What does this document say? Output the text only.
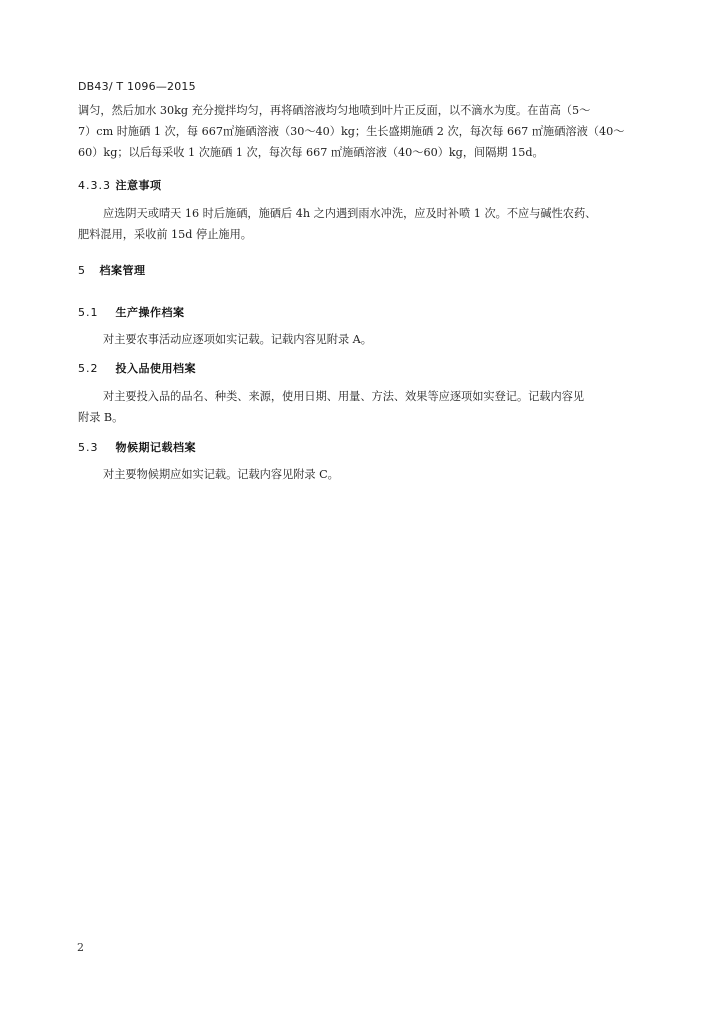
DB43/ T 1096—2015
调匀，然后加水 30kg 充分搅拌均匀，再将硒溶液均匀地喷到叶片正反面，以不滴水为度。在苗高（5～
7）cm 时施硒 1 次，每 667㎡施硒溶液（30～40）kg；生长盛期施硒 2 次，每次每 667 ㎡施硒溶液（40～
60）kg；以后每采收 1 次施硒 1 次，每次每 667 ㎡施硒溶液（40～60）kg，间隔期 15d。
4.3.3 注意事项
应选阴天或晴天 16 时后施硒，施硒后 4h 之内遇到雨水冲洗，应及时补喷 1 次。不应与碱性农药、
肥料混用，采收前 15d 停止施用。
5 档案管理
5.1 生产操作档案
对主要农事活动应逐项如实记载。记载内容见附录 A。
5.2 投入品使用档案
对主要投入品的品名、种类、来源，使用日期、用量、方法、效果等应逐项如实登记。记载内容见
附录 B。
5.3 物候期记载档案
对主要物候期应如实记载。记载内容见附录 C。
2
